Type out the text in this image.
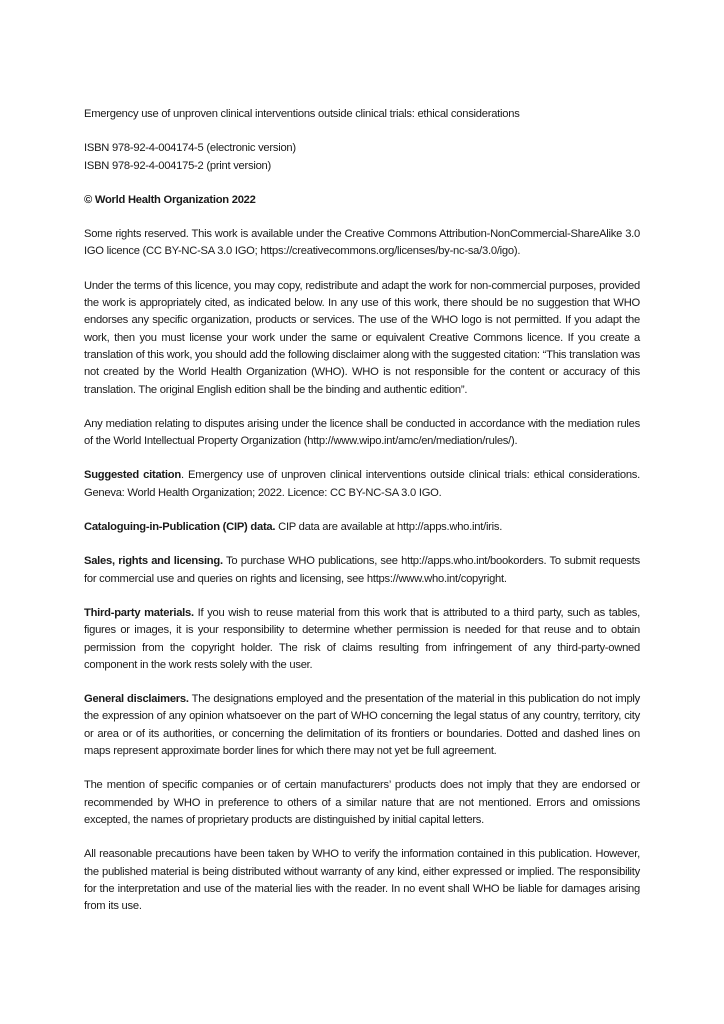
Emergency use of unproven clinical interventions outside clinical trials: ethical considerations

ISBN 978-92-4-004174-5 (electronic version)
ISBN 978-92-4-004175-2 (print version)

© World Health Organization 2022

Some rights reserved. This work is available under the Creative Commons Attribution-NonCommercial-ShareAlike 3.0 IGO licence (CC BY-NC-SA 3.0 IGO; https://creativecommons.org/licenses/by-nc-sa/3.0/igo).

Under the terms of this licence, you may copy, redistribute and adapt the work for non-commercial purposes, provided the work is appropriately cited, as indicated below. In any use of this work, there should be no suggestion that WHO endorses any specific organization, products or services. The use of the WHO logo is not permitted. If you adapt the work, then you must license your work under the same or equivalent Creative Commons licence. If you create a translation of this work, you should add the following disclaimer along with the suggested citation: “This translation was not created by the World Health Organization (WHO). WHO is not responsible for the content or accuracy of this translation. The original English edition shall be the binding and authentic edition”.

Any mediation relating to disputes arising under the licence shall be conducted in accordance with the mediation rules of the World Intellectual Property Organization (http://www.wipo.int/amc/en/mediation/rules/).

Suggested citation. Emergency use of unproven clinical interventions outside clinical trials: ethical considerations. Geneva: World Health Organization; 2022. Licence: CC BY-NC-SA 3.0 IGO.

Cataloguing-in-Publication (CIP) data. CIP data are available at http://apps.who.int/iris.

Sales, rights and licensing. To purchase WHO publications, see http://apps.who.int/bookorders. To submit requests for commercial use and queries on rights and licensing, see https://www.who.int/copyright.

Third-party materials. If you wish to reuse material from this work that is attributed to a third party, such as tables, figures or images, it is your responsibility to determine whether permission is needed for that reuse and to obtain permission from the copyright holder. The risk of claims resulting from infringement of any third-party-owned component in the work rests solely with the user.

General disclaimers. The designations employed and the presentation of the material in this publication do not imply the expression of any opinion whatsoever on the part of WHO concerning the legal status of any country, territory, city or area or of its authorities, or concerning the delimitation of its frontiers or boundaries. Dotted and dashed lines on maps represent approximate border lines for which there may not yet be full agreement.

The mention of specific companies or of certain manufacturers’ products does not imply that they are endorsed or recommended by WHO in preference to others of a similar nature that are not mentioned. Errors and omissions excepted, the names of proprietary products are distinguished by initial capital letters.

All reasonable precautions have been taken by WHO to verify the information contained in this publication. However, the published material is being distributed without warranty of any kind, either expressed or implied. The responsibility for the interpretation and use of the material lies with the reader. In no event shall WHO be liable for damages arising from its use.
